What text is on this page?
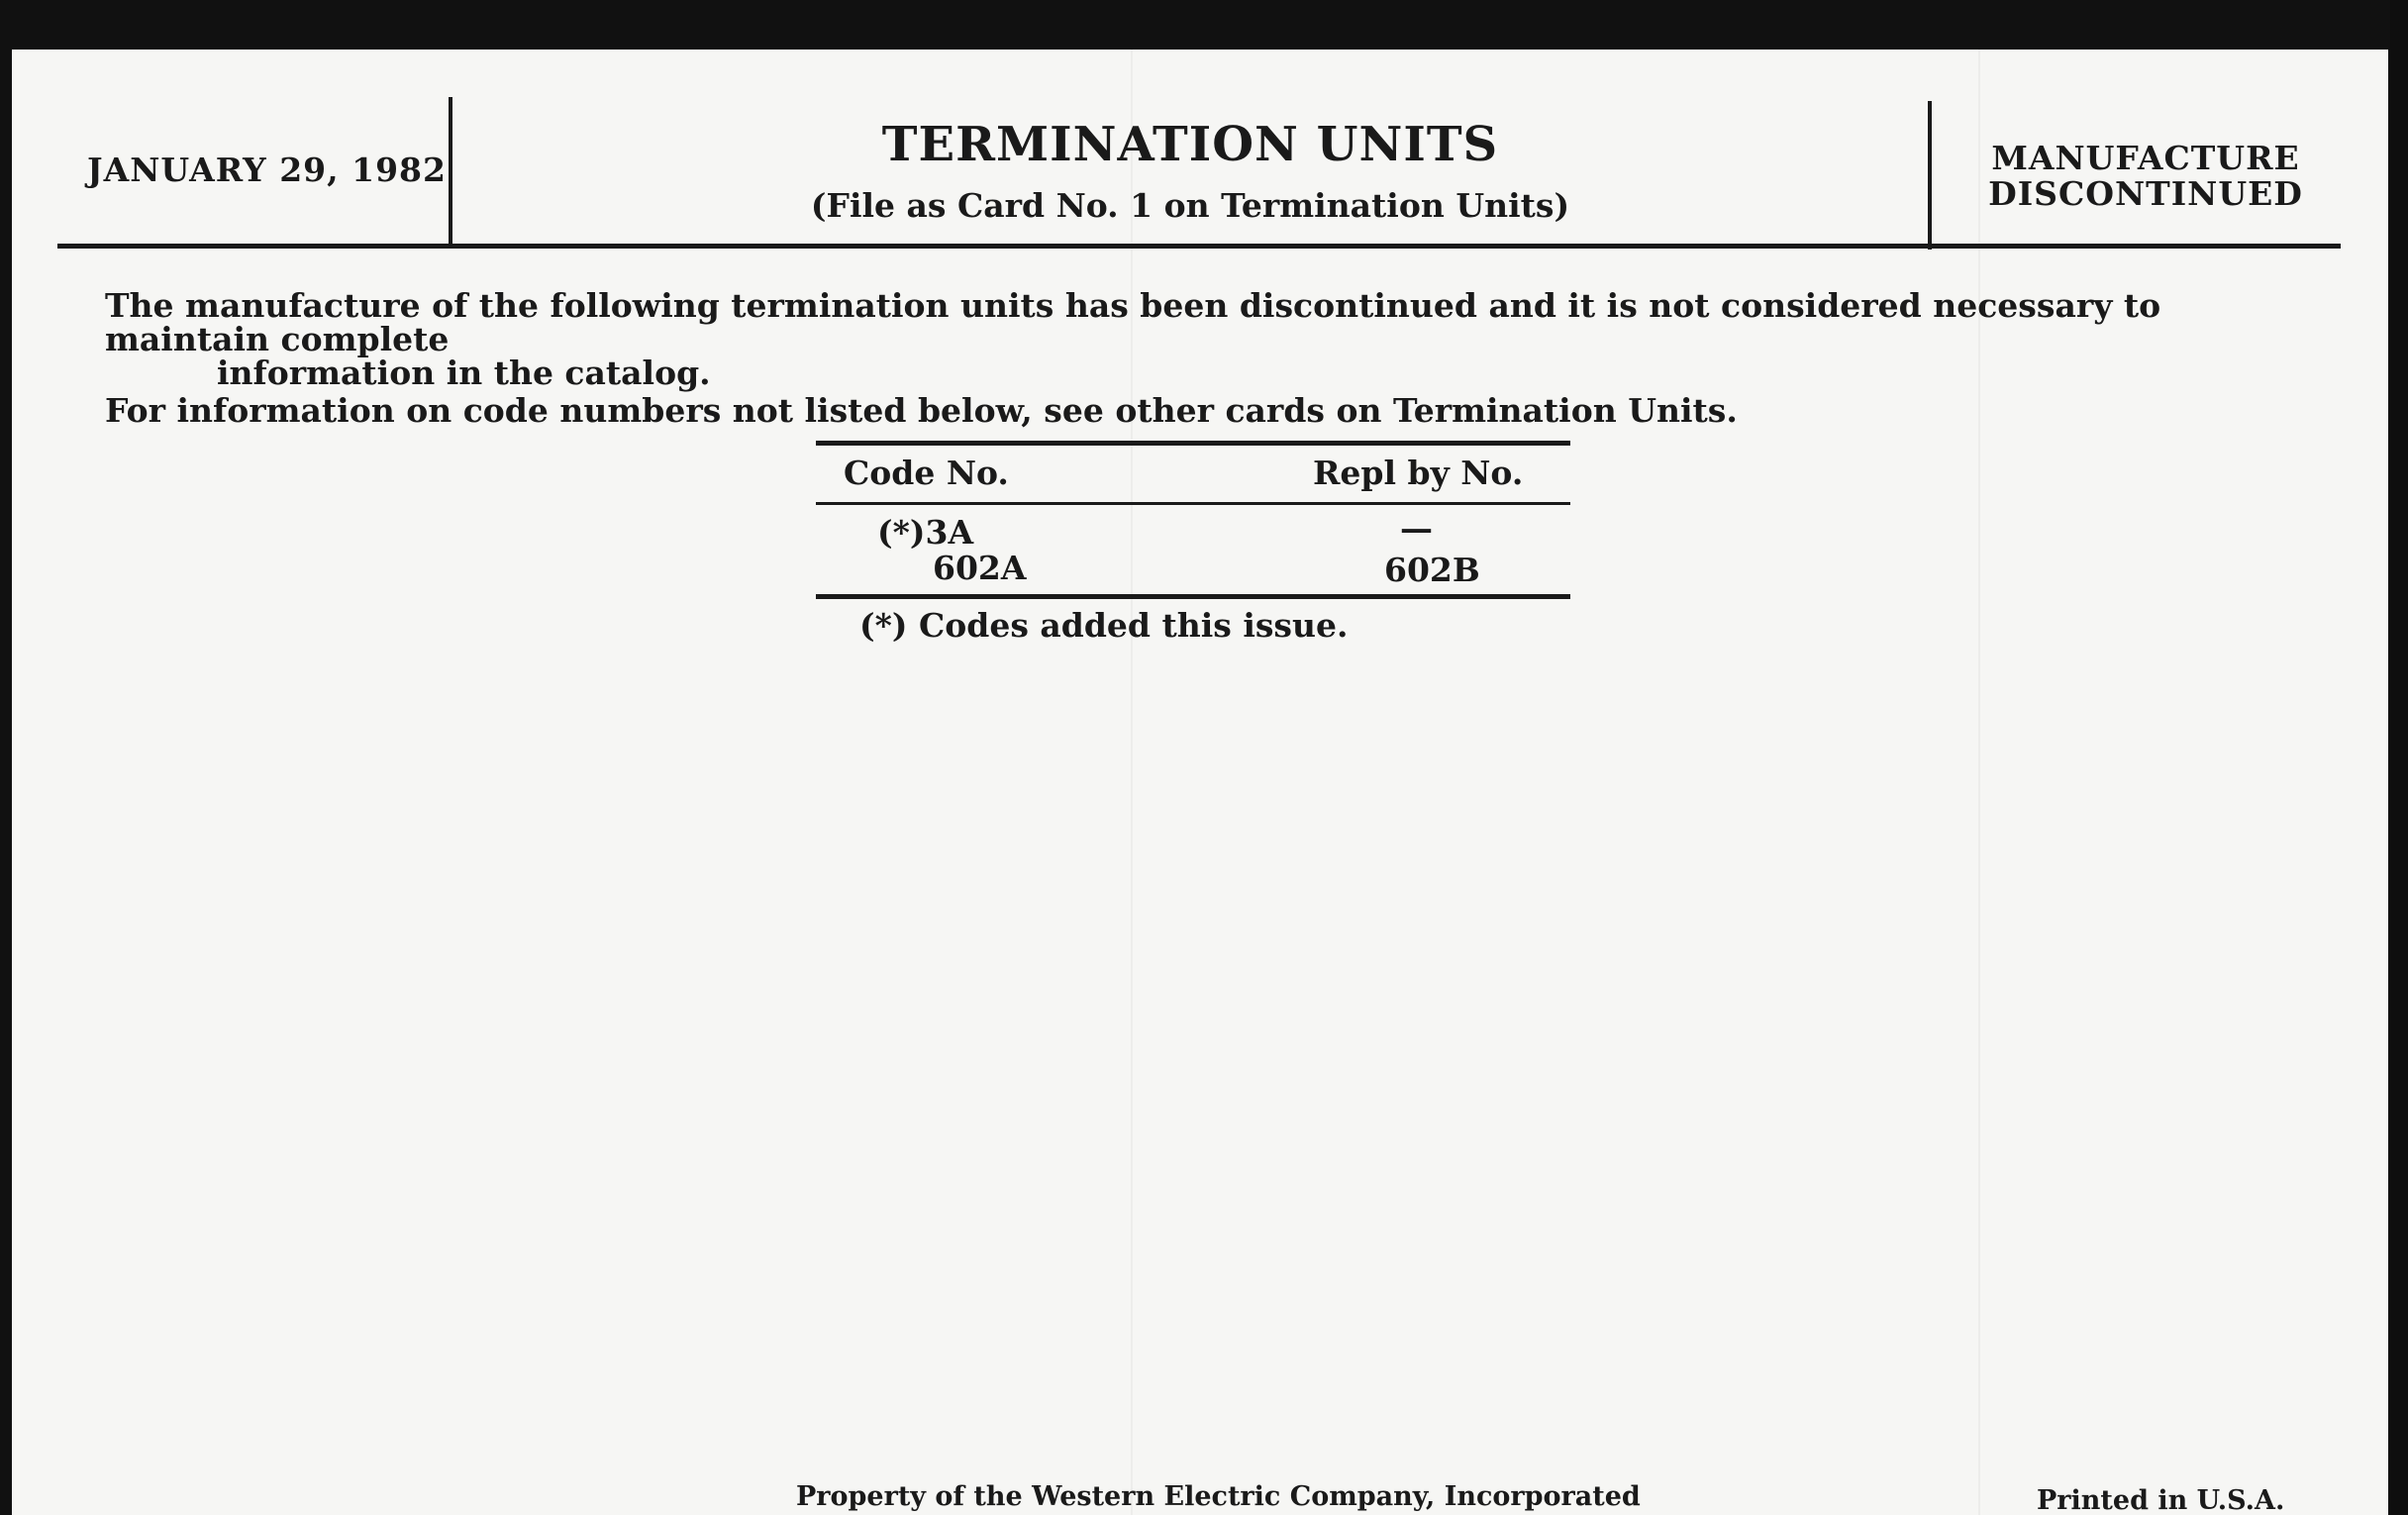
JANUARY 29, 1982	TERMINATION UNITS
(File as Card No. 1 on Termination Units)
MANUFACTURE
DISCONTINUED
The manufacture of the following termination units has been discontinued and it is not considered necessary to maintain complete
information in the catalog.
For information on code numbers not listed below, see other cards on Termination Units.
Code No.	Repl by No.
(*)3A	—
602A	602B
(*) Codes added this issue.
Property of the Western Electric Company, Incorporated	Printed in U.S.A.
